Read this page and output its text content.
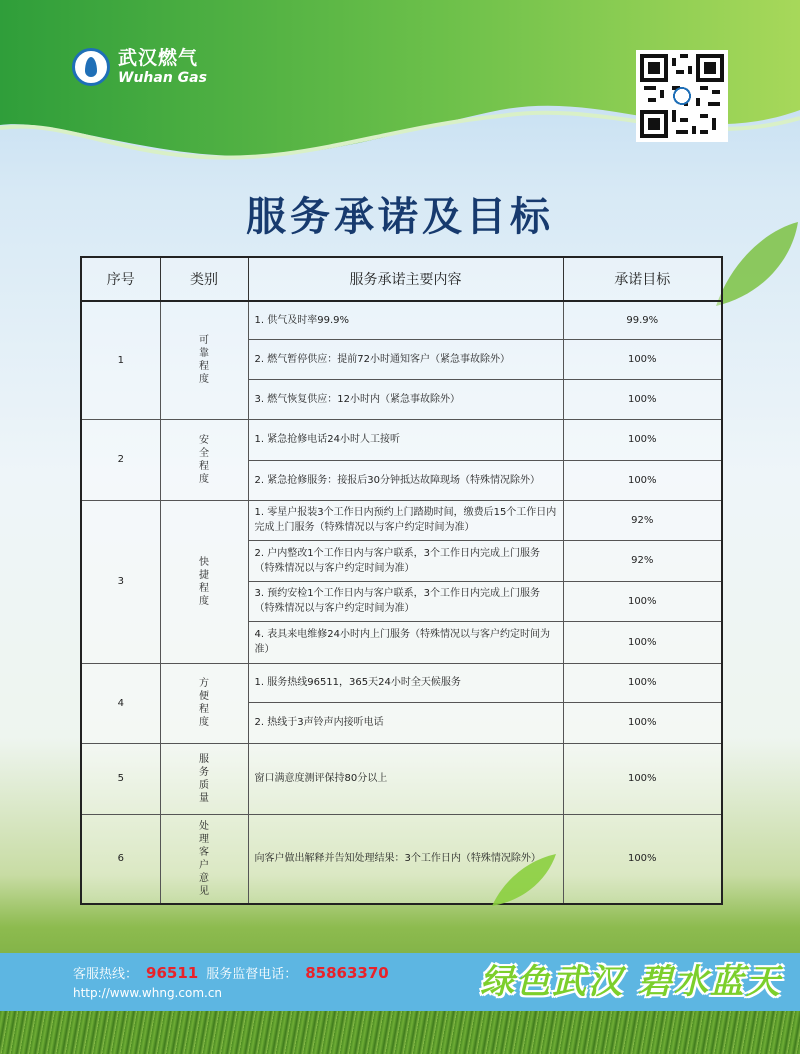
武汉燃气
Wuhan Gas
服务承诺及目标
序号	类别	服务承诺主要内容	承诺目标
1	可靠程度	1. 供气及时率99.9%	99.9%
		2. 燃气暂停供应：提前72小时通知客户（紧急事故除外）	100%
		3. 燃气恢复供应：12小时内（紧急事故除外）	100%
2	安全程度	1. 紧急抢修电话24小时人工接听	100%
		2. 紧急抢修服务：接报后30分钟抵达故障现场（特殊情况除外）	100%
3	快捷程度	1. 零星户报装3个工作日内预约上门踏勘时间，缴费后15个工作日内完成上门服务（特殊情况以与客户约定时间为准）	92%
		2. 户内整改1个工作日内与客户联系，3个工作日内完成上门服务（特殊情况以与客户约定时间为准）	92%
		3. 预约安检1个工作日内与客户联系，3个工作日内完成上门服务（特殊情况以与客户约定时间为准）	100%
		4. 表具来电维修24小时内上门服务（特殊情况以与客户约定时间为准）	100%
4	方便程度	1. 服务热线96511，365天24小时全天候服务	100%
		2. 热线于3声铃声内接听电话	100%
5	服务质量	窗口满意度测评保持80分以上	100%
6	处理客户意见	向客户做出解释并告知处理结果：3个工作日内（特殊情况除外）	100%
客服热线： 96511 服务监督电话： 85863370
http://www.whng.com.cn	绿色武汉 碧水蓝天
